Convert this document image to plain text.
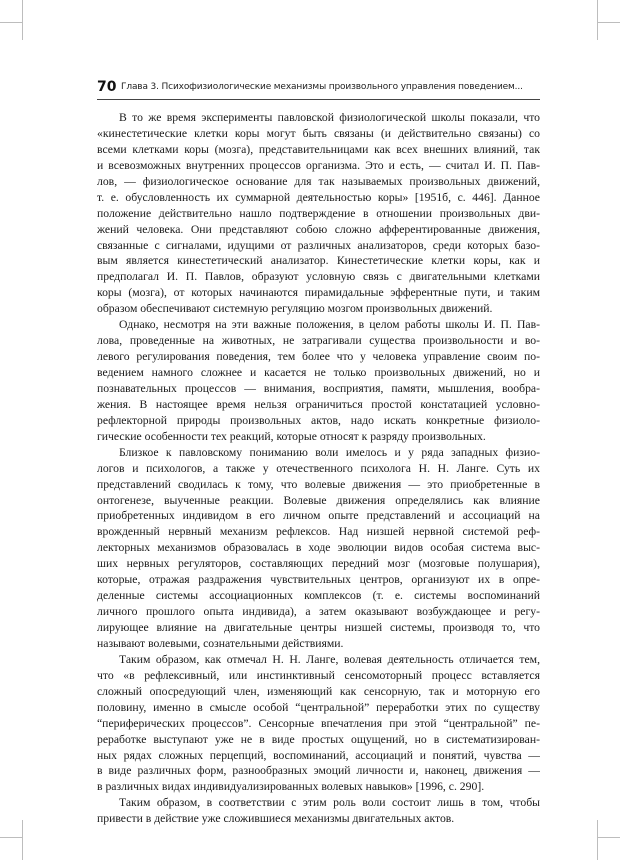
70 Глава 3. Психофизиологические механизмы произвольного управления поведением...
В то же время эксперименты павловской физиологической школы показали, что
«кинестетические клетки коры могут быть связаны (и действительно связаны) со
всеми клетками коры (мозга), представительницами как всех внешних влияний, так
и всевозможных внутренних процессов организма. Это и есть, — считал И. П. Пав-
лов, — физиологическое основание для так называемых произвольных движений,
т. е. обусловленность их суммарной деятельностью коры» [1951б, с. 446]. Данное
положение действительно нашло подтверждение в отношении произвольных дви-
жений человека. Они представляют собою сложно афферентированные движения,
связанные с сигналами, идущими от различных анализаторов, среди которых базо-
вым является кинестетический анализатор. Кинестетические клетки коры, как и
предполагал И. П. Павлов, образуют условную связь с двигательными клетками
коры (мозга), от которых начинаются пирамидальные эфферентные пути, и таким
образом обеспечивают системную регуляцию мозгом произвольных движений.
Однако, несмотря на эти важные положения, в целом работы школы И. П. Пав-
лова, проведенные на животных, не затрагивали существа произвольности и во-
левого регулирования поведения, тем более что у человека управление своим по-
ведением намного сложнее и касается не только произвольных движений, но и
познавательных процессов — внимания, восприятия, памяти, мышления, вообра-
жения. В настоящее время нельзя ограничиться простой констатацией условно-
рефлекторной природы произвольных актов, надо искать конкретные физиоло-
гические особенности тех реакций, которые относят к разряду произвольных.
Близкое к павловскому пониманию воли имелось и у ряда западных физио-
логов и психологов, а также у отечественного психолога Н. Н. Ланге. Суть их
представлений сводилась к тому, что волевые движения — это приобретенные в
онтогенезе, выученные реакции. Волевые движения определялись как влияние
приобретенных индивидом в его личном опыте представлений и ассоциаций на
врожденный нервный механизм рефлексов. Над низшей нервной системой реф-
лекторных механизмов образовалась в ходе эволюции видов особая система выс-
ших нервных регуляторов, составляющих передний мозг (мозговые полушария),
которые, отражая раздражения чувствительных центров, организуют их в опре-
деленные системы ассоциационных комплексов (т. е. системы воспоминаний
личного прошлого опыта индивида), а затем оказывают возбуждающее и регу-
лирующее влияние на двигательные центры низшей системы, производя то, что
называют волевыми, сознательными действиями.
Таким образом, как отмечал Н. Н. Ланге, волевая деятельность отличается тем,
что «в рефлексивный, или инстинктивный сенсомоторный процесс вставляется
сложный опосредующий член, изменяющий как сенсорную, так и моторную его
половину, именно в смысле особой “центральной” переработки этих по существу
“периферических процессов”. Сенсорные впечатления при этой “центральной” пе-
реработке выступают уже не в виде простых ощущений, но в систематизирован-
ных рядах сложных перцепций, воспоминаний, ассоциаций и понятий, чувства —
в виде различных форм, разнообразных эмоций личности и, наконец, движения —
в различных видах индивидуализированных волевых навыков» [1996, с. 290].
Таким образом, в соответствии с этим роль воли состоит лишь в том, чтобы
привести в действие уже сложившиеся механизмы двигательных актов.
